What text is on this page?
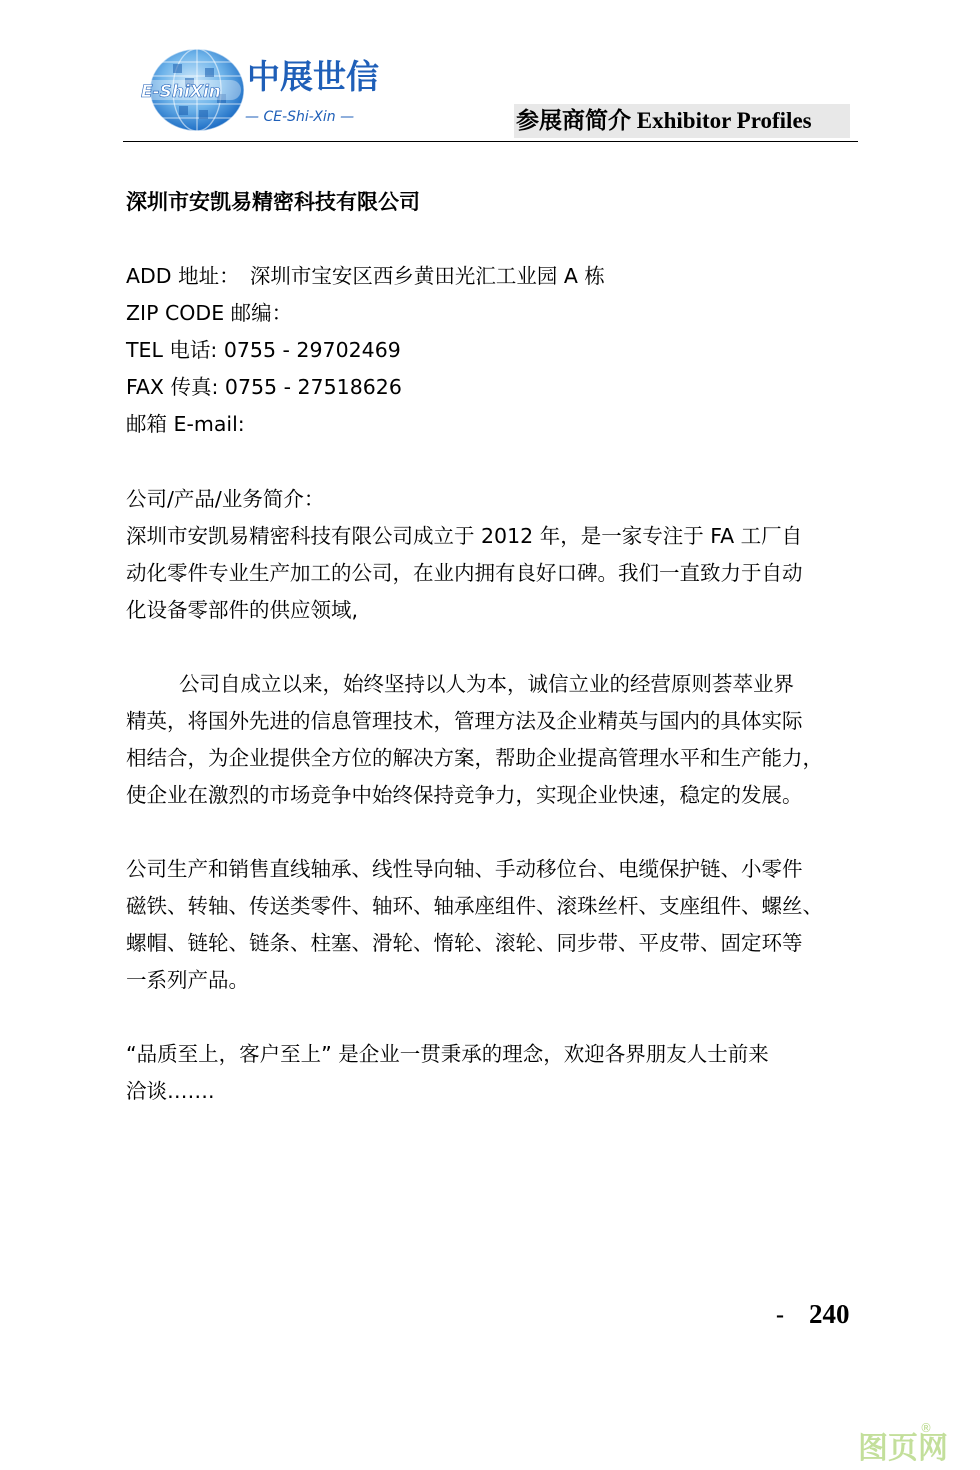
E-ShiXin 中展世信
— CE-Shi-Xin —	参展商简介 Exhibitor Profiles
深圳市安凯易精密科技有限公司
ADD 地址：　深圳市宝安区西乡黄田光汇工业园 A 栋
ZIP CODE 邮编：
TEL 电话: 0755 - 29702469
FAX 传真: 0755 - 27518626
邮箱 E-mail:
公司/产品/业务简介：
深圳市安凯易精密科技有限公司成立于 2012 年，是一家专注于 FA 工厂自
动化零件专业生产加工的公司，在业内拥有良好口碑。我们一直致力于自动
化设备零部件的供应领域,
公司自成立以来，始终坚持以人为本，诚信立业的经营原则荟萃业界
精英，将国外先进的信息管理技术，管理方法及企业精英与国内的具体实际
相结合，为企业提供全方位的解决方案，帮助企业提高管理水平和生产能力，
使企业在激烈的市场竞争中始终保持竞争力，实现企业快速，稳定的发展。
公司生产和销售直线轴承、线性导向轴、手动移位台、电缆保护链、小零件
磁铁、转轴、传送类零件、轴环、轴承座组件、滚珠丝杆、支座组件、螺丝、
螺帽、链轮、链条、柱塞、滑轮、惰轮、滚轮、同步带、平皮带、固定环等
一系列产品。
“品质至上，客户至上” 是企业一贯秉承的理念，欢迎各界朋友人士前来
洽谈…….
- 240
图页网
®
